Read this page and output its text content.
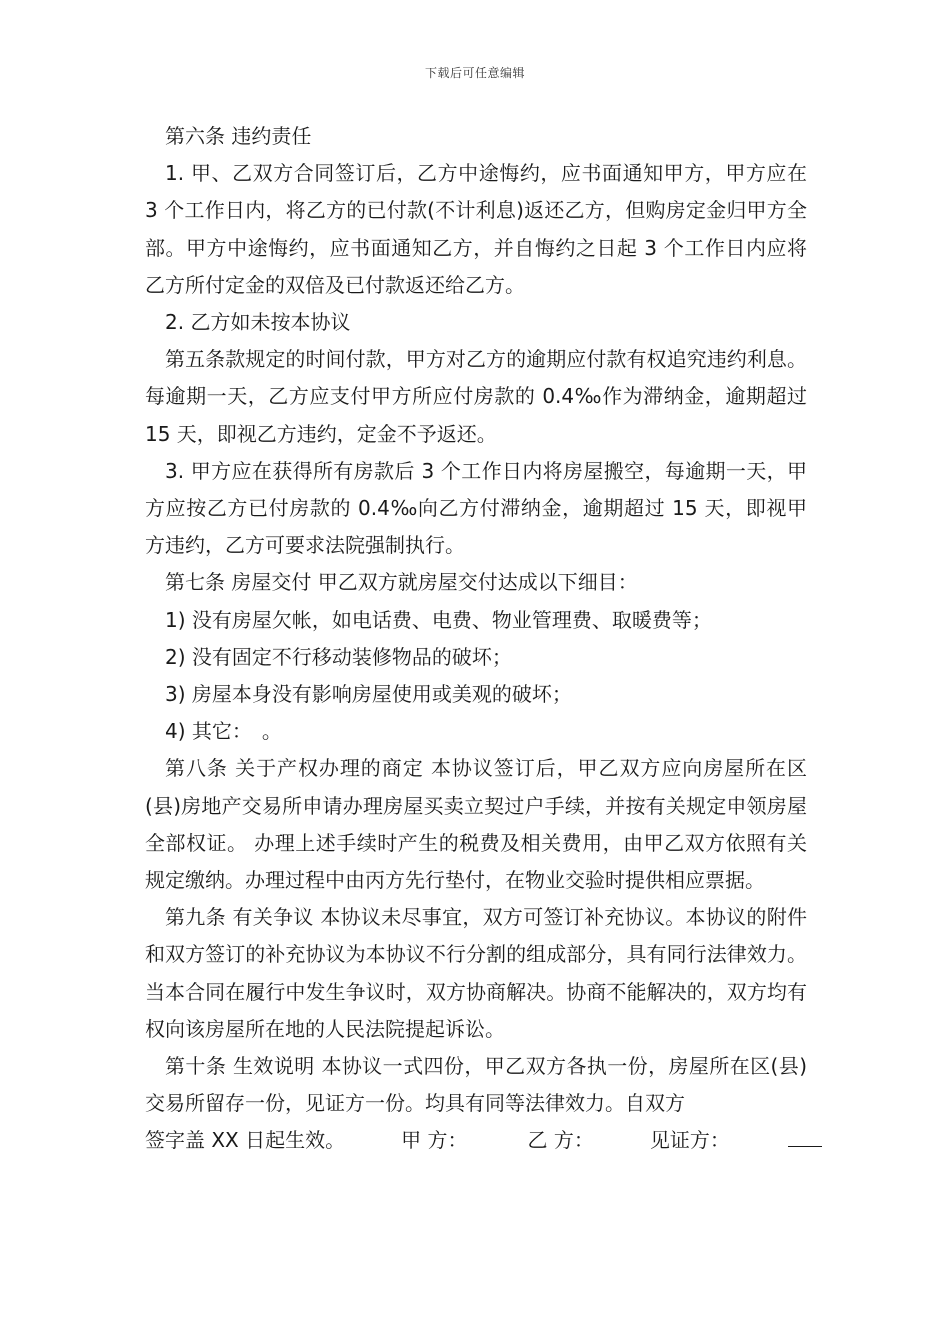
下载后可任意编辑

第六条 违约责任

1. 甲、乙双方合同签订后，乙方中途悔约，应书面通知甲方，甲方应在 3 个工作日内，将乙方的已付款(不计利息)返还乙方，但购房定金归甲方全部。甲方中途悔约，应书面通知乙方，并自悔约之日起 3 个工作日内应将乙方所付定金的双倍及已付款返还给乙方。

2. 乙方如未按本协议

第五条款规定的时间付款，甲方对乙方的逾期应付款有权追究违约利息。每逾期一天，乙方应支付甲方所应付房款的 0.4‰作为滞纳金，逾期超过 15 天，即视乙方违约，定金不予返还。

3. 甲方应在获得所有房款后 3 个工作日内将房屋搬空，每逾期一天，甲方应按乙方已付房款的 0.4‰向乙方付滞纳金，逾期超过 15 天，即视甲方违约，乙方可要求法院强制执行。

第七条 房屋交付 甲乙双方就房屋交付达成以下细目：

1) 没有房屋欠帐，如电话费、电费、物业管理费、取暖费等；

2) 没有固定不行移动装修物品的破坏；

3) 房屋本身没有影响房屋使用或美观的破坏；

4) 其它：　。

第八条 关于产权办理的商定 本协议签订后，甲乙双方应向房屋所在区(县)房地产交易所申请办理房屋买卖立契过户手续，并按有关规定申领房屋全部权证。 办理上述手续时产生的税费及相关费用，由甲乙双方依照有关规定缴纳。办理过程中由丙方先行垫付，在物业交验时提供相应票据。

第九条 有关争议 本协议未尽事宜，双方可签订补充协议。本协议的附件和双方签订的补充协议为本协议不行分割的组成部分，具有同行法律效力。当本合同在履行中发生争议时，双方协商解决。协商不能解决的，双方均有权向该房屋所在地的人民法院提起诉讼。

第十条 生效说明 本协议一式四份，甲乙双方各执一份，房屋所在区(县)交易所留存一份，见证方一份。均具有同等法律效力。自双方

签字盖 XX 日起生效。	甲 方：	乙 方：	见证方：
